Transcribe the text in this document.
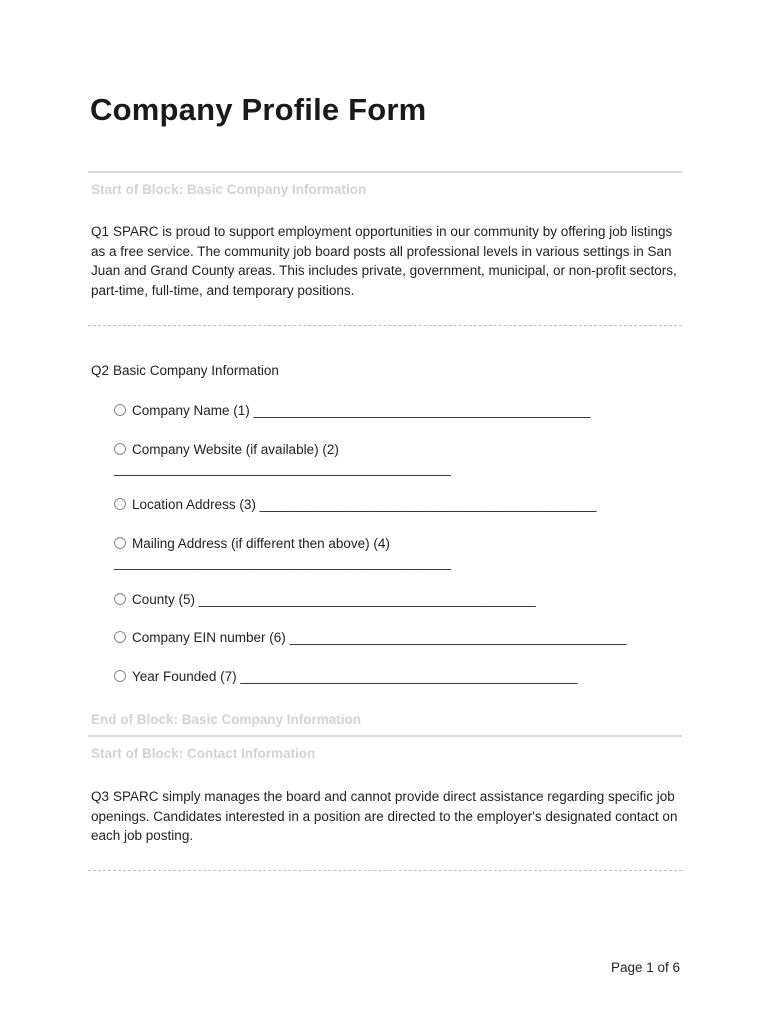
Company Profile Form
Start of Block: Basic Company Information

Q1 SPARC is proud to support employment opportunities in our community by offering job listings as a free service. The community job board posts all professional levels in various settings in San Juan and Grand County areas. This includes private, government, municipal, or non-profit sectors, part-time, full-time, and temporary positions.

Q2 Basic Company Information

Company Name (1) ________________________________________________
Company Website (if available) (2)
________________________________________________
Location Address (3) ________________________________________________
Mailing Address (if different then above) (4)
________________________________________________
County (5) ________________________________________________
Company EIN number (6) ________________________________________________
Year Founded (7) ________________________________________________
End of Block: Basic Company Information
Start of Block: Contact Information

Q3 SPARC simply manages the board and cannot provide direct assistance regarding specific job openings. Candidates interested in a position are directed to the employer's designated contact on each job posting.

Page 1 of 6
